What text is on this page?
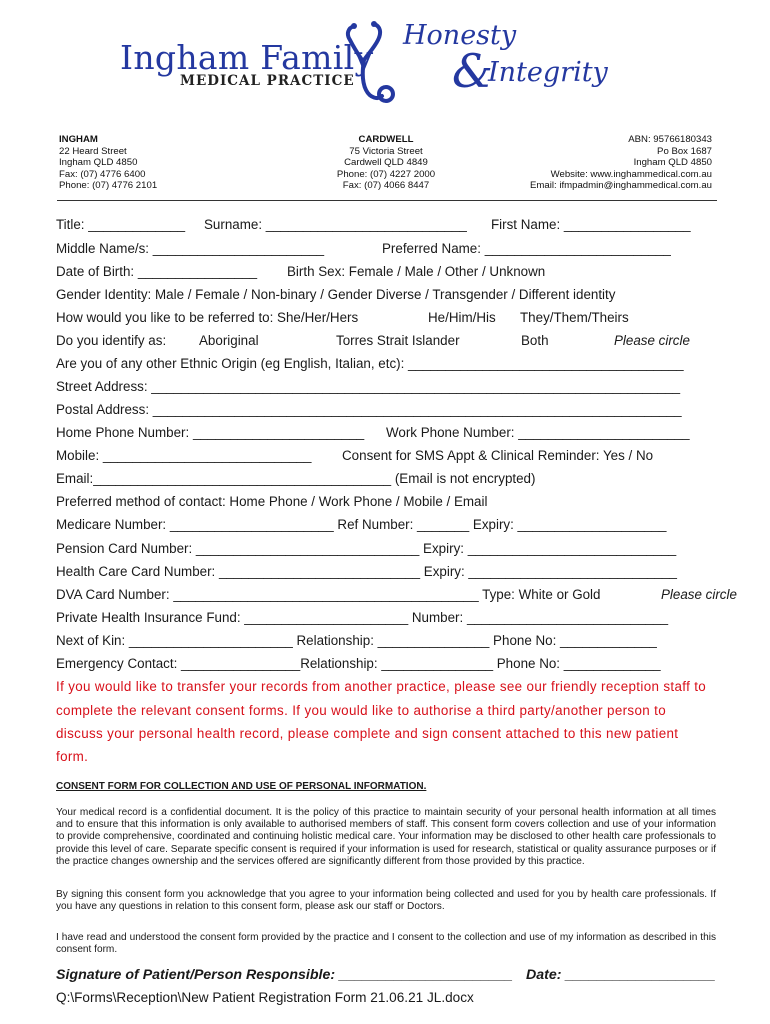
Ingham Family
MEDICAL PRACTICE
Honesty
&
Integrity
INGHAM
22 Heard Street
Ingham QLD 4850
Fax: (07) 4776 6400
Phone: (07) 4776 2101
CARDWELL
75 Victoria Street
Cardwell QLD 4849
Phone: (07) 4227 2000
Fax: (07) 4066 8447
ABN: 95766180343
Po Box 1687
Ingham QLD 4850
Website: www.inghammedical.com.au
Email: ifmpadmin@inghammedical.com.au
Title: _____________ Surname: ___________________________ First Name: _________________
Middle Name/s: _______________________	Preferred Name: _________________________
Date of Birth: ________________ Birth Sex: Female / Male / Other / Unknown
Gender Identity: Male / Female / Non-binary / Gender Diverse / Transgender / Different identity
How would you like to be referred to: She/Her/Hers	He/Him/His They/Them/Theirs
Do you identify as: Aboriginal	Torres Strait Islander	Both	Please circle
Are you of any other Ethnic Origin (eg English, Italian, etc): _____________________________________
Street Address: _______________________________________________________________________
Postal Address: _______________________________________________________________________
Home Phone Number: _______________________ Work Phone Number: _______________________
Mobile: ____________________________ Consent for SMS Appt & Clinical Reminder: Yes / No
Email:________________________________________ (Email is not encrypted)
Preferred method of contact: Home Phone / Work Phone / Mobile / Email
Medicare Number: ______________________ Ref Number: _______ Expiry: ____________________
Pension Card Number: ______________________________ Expiry: ____________________________
Health Care Card Number: ___________________________ Expiry: ____________________________
DVA Card Number: _________________________________________ Type: White or Gold	Please circle
Private Health Insurance Fund: ______________________ Number: ___________________________
Next of Kin: ______________________ Relationship: _______________ Phone No: _____________
Emergency Contact: ________________Relationship: _______________ Phone No: _____________
If you would like to transfer your records from another practice, please see our friendly reception staff to
complete the relevant consent forms. If you would like to authorise a third party/another person to
discuss your personal health record, please complete and sign consent attached to this new patient
form.
CONSENT FORM FOR COLLECTION AND USE OF PERSONAL INFORMATION.
Your medical record is a confidential document. It is the policy of this practice to maintain security of your personal health information at all times and to ensure that this information is only available to authorised members of staff. This consent form covers collection and use of your information to provide comprehensive, coordinated and continuing holistic medical care. Your information may be disclosed to other health care professionals to provide this level of care. Separate specific consent is required if your information is used for research, statistical or quality assurance purposes or if the practice changes ownership and the services offered are significantly different from those provided by this practice.
By signing this consent form you acknowledge that you agree to your information being collected and used for you by health care professionals. If you have any questions in relation to this consent form, please ask our staff or Doctors.
I have read and understood the consent form provided by the practice and I consent to the collection and use of my information as described in this consent form.
Signature of Patient/Person Responsible: ______________________ Date: ___________________
Q:\Forms\Reception\New Patient Registration Form 21.06.21 JL.docx
